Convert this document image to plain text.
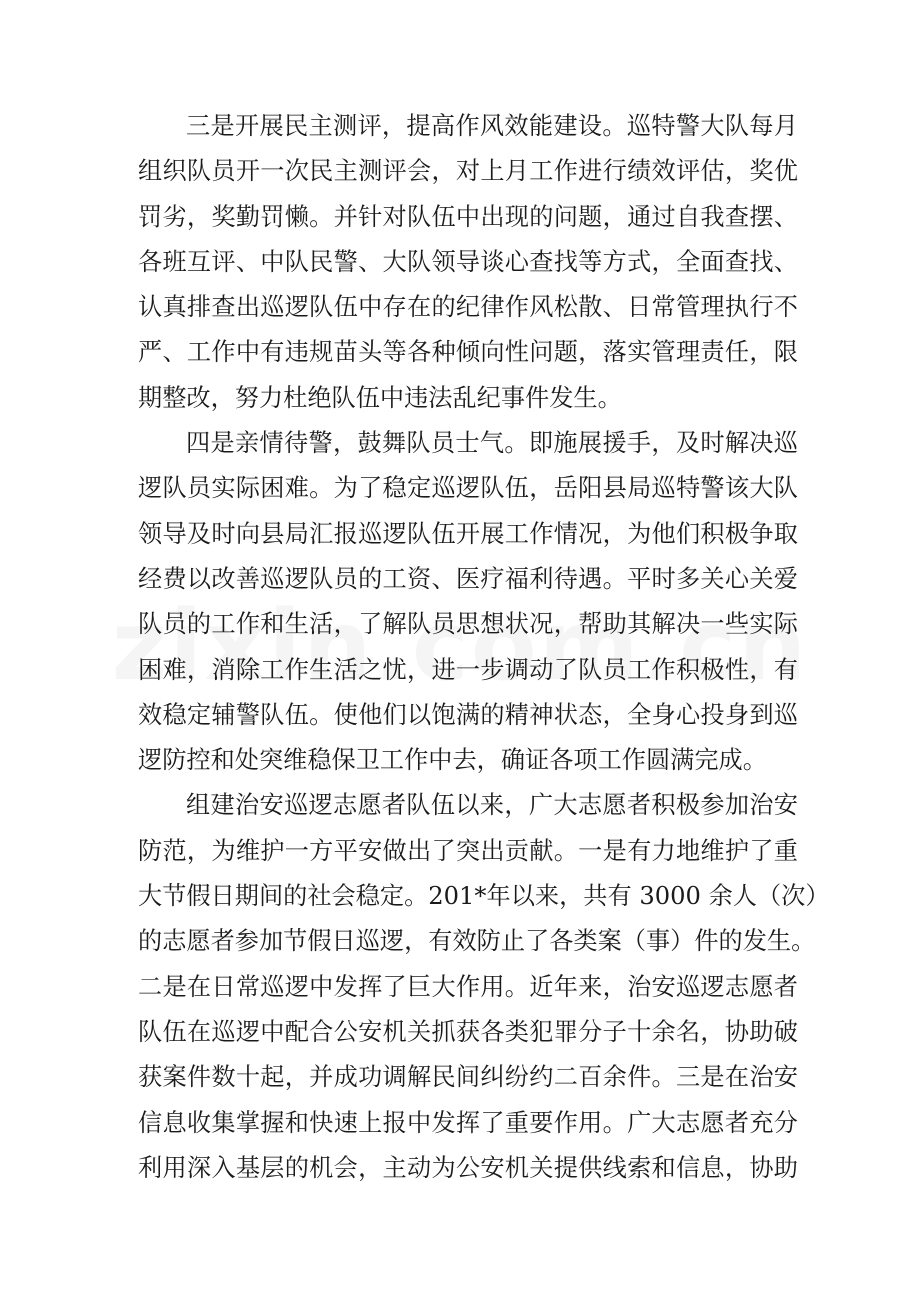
三是开展民主测评，提高作风效能建设。巡特警大队每月
组织队员开一次民主测评会，对上月工作进行绩效评估，奖优
罚劣，奖勤罚懒。并针对队伍中出现的问题，通过自我查摆、
各班互评、中队民警、大队领导谈心查找等方式，全面查找、
认真排查出巡逻队伍中存在的纪律作风松散、日常管理执行不
严、工作中有违规苗头等各种倾向性问题，落实管理责任，限
期整改，努力杜绝队伍中违法乱纪事件发生。
四是亲情待警，鼓舞队员士气。即施展援手，及时解决巡
逻队员实际困难。为了稳定巡逻队伍，岳阳县局巡特警该大队
领导及时向县局汇报巡逻队伍开展工作情况，为他们积极争取
经费以改善巡逻队员的工资、医疗福利待遇。平时多关心关爱
队员的工作和生活，了解队员思想状况，帮助其解决一些实际
困难，消除工作生活之忧，进一步调动了队员工作积极性，有
效稳定辅警队伍。使他们以饱满的精神状态，全身心投身到巡
逻防控和处突维稳保卫工作中去，确证各项工作圆满完成。
组建治安巡逻志愿者队伍以来，广大志愿者积极参加治安
防范，为维护一方平安做出了突出贡献。一是有力地维护了重
大节假日期间的社会稳定。201*年以来，共有 3000 余人（次）
的志愿者参加节假日巡逻，有效防止了各类案（事）件的发生。
二是在日常巡逻中发挥了巨大作用。近年来，治安巡逻志愿者
队伍在巡逻中配合公安机关抓获各类犯罪分子十余名，协助破
获案件数十起，并成功调解民间纠纷约二百余件。三是在治安
信息收集掌握和快速上报中发挥了重要作用。广大志愿者充分
利用深入基层的机会，主动为公安机关提供线索和信息，协助
